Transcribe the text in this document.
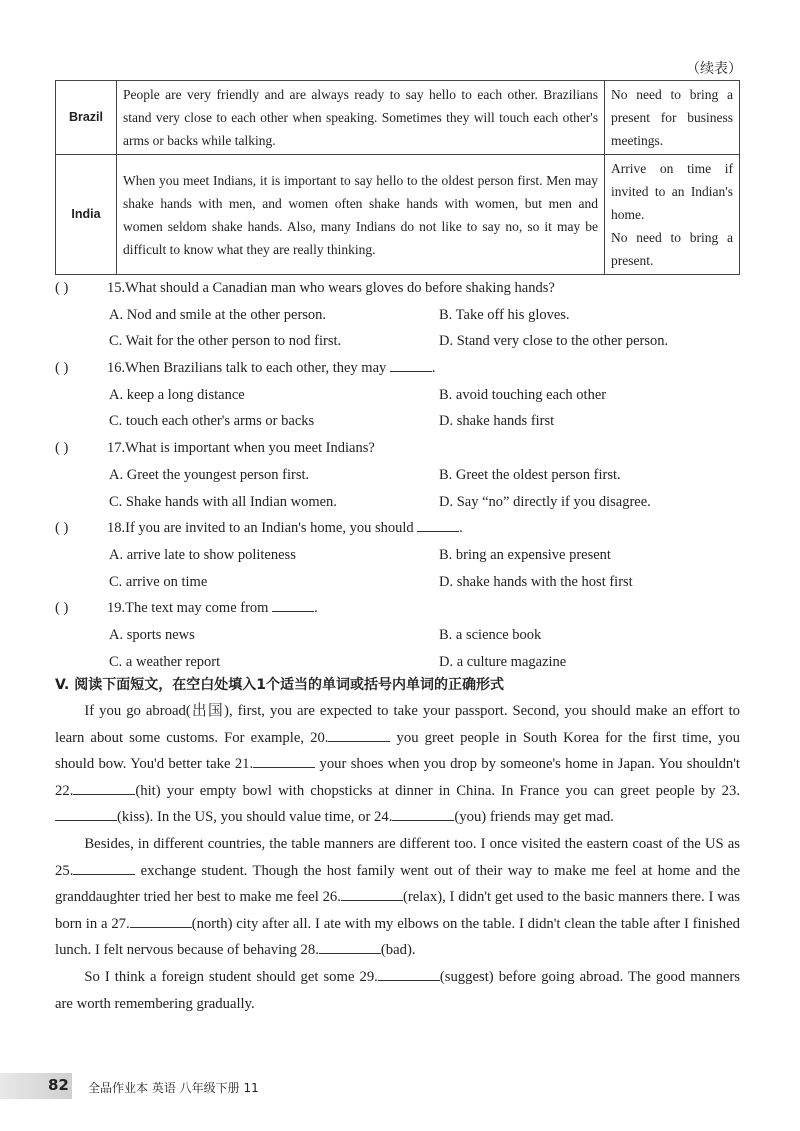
（续表）
Brazil	People are very friendly and are always ready to say hello to each other. Brazilians stand very close to each other when speaking. Sometimes they will touch each other's arms or backs while talking.	No need to bring a present for business meetings.

India	When you meet Indians, it is important to say hello to the oldest person first. Men may shake hands with men, and women often shake hands with women, but men and women seldom shake hands. Also, many Indians do not like to say no, so it may be difficult to know what they are really thinking.	Arrive on time if invited to an Indian's home.
No need to bring a present.
( )	15.What should a Canadian man who wears gloves do before shaking hands?
A. Nod and smile at the other person.	B. Take off his gloves.
C. Wait for the other person to nod first.	D. Stand very close to the other person.
( )	16.When Brazilians talk to each other, they may	.
A. keep a long distance	B. avoid touching each other
C. touch each other's arms or backs	D. shake hands first
( )	17.What is important when you meet Indians?
A. Greet the youngest person first.	B. Greet the oldest person first.
C. Shake hands with all Indian women.	D. Say “no” directly if you disagree.
( )	18.If you are invited to an Indian's home, you should	.
A. arrive late to show politeness	B. bring an expensive present
C. arrive on time	D. shake hands with the host first
( )	19.The text may come from	.
A. sports news	B. a science book
C. a weather report	D. a culture magazine
V. 阅读下面短文，在空白处填入1个适当的单词或括号内单词的正确形式

If you go abroad(出国), first, you are expected to take your passport. Second, you should make an effort to learn about some customs. For example, 20.	you greet people in South Korea for the first time, you should bow. You'd better take 21.	your shoes when you drop by someone's home in Japan. You shouldn't 22.	(hit) your empty bowl with chopsticks at dinner in China. In France you can greet people by 23.(kiss). In the US, you should value time, or 24.	(you) friends may get mad.

Besides, in different countries, the table manners are different too. I once visited the eastern coast of the US as 25.	exchange student. Though the host family went out of their way to make me feel at home and the granddaughter tried her best to make me feel 26.	(relax), I didn't get used to the basic manners there. I was born in a 27.	(north) city after all. I ate with my elbows on the table. I didn't clean the table after I finished lunch. I felt nervous because of behaving 28.	(bad).

So I think a foreign student should get some 29.	(suggest) before going abroad. The good manners are worth remembering gradually.

82 全品作业本 英语 八年级下册 11
